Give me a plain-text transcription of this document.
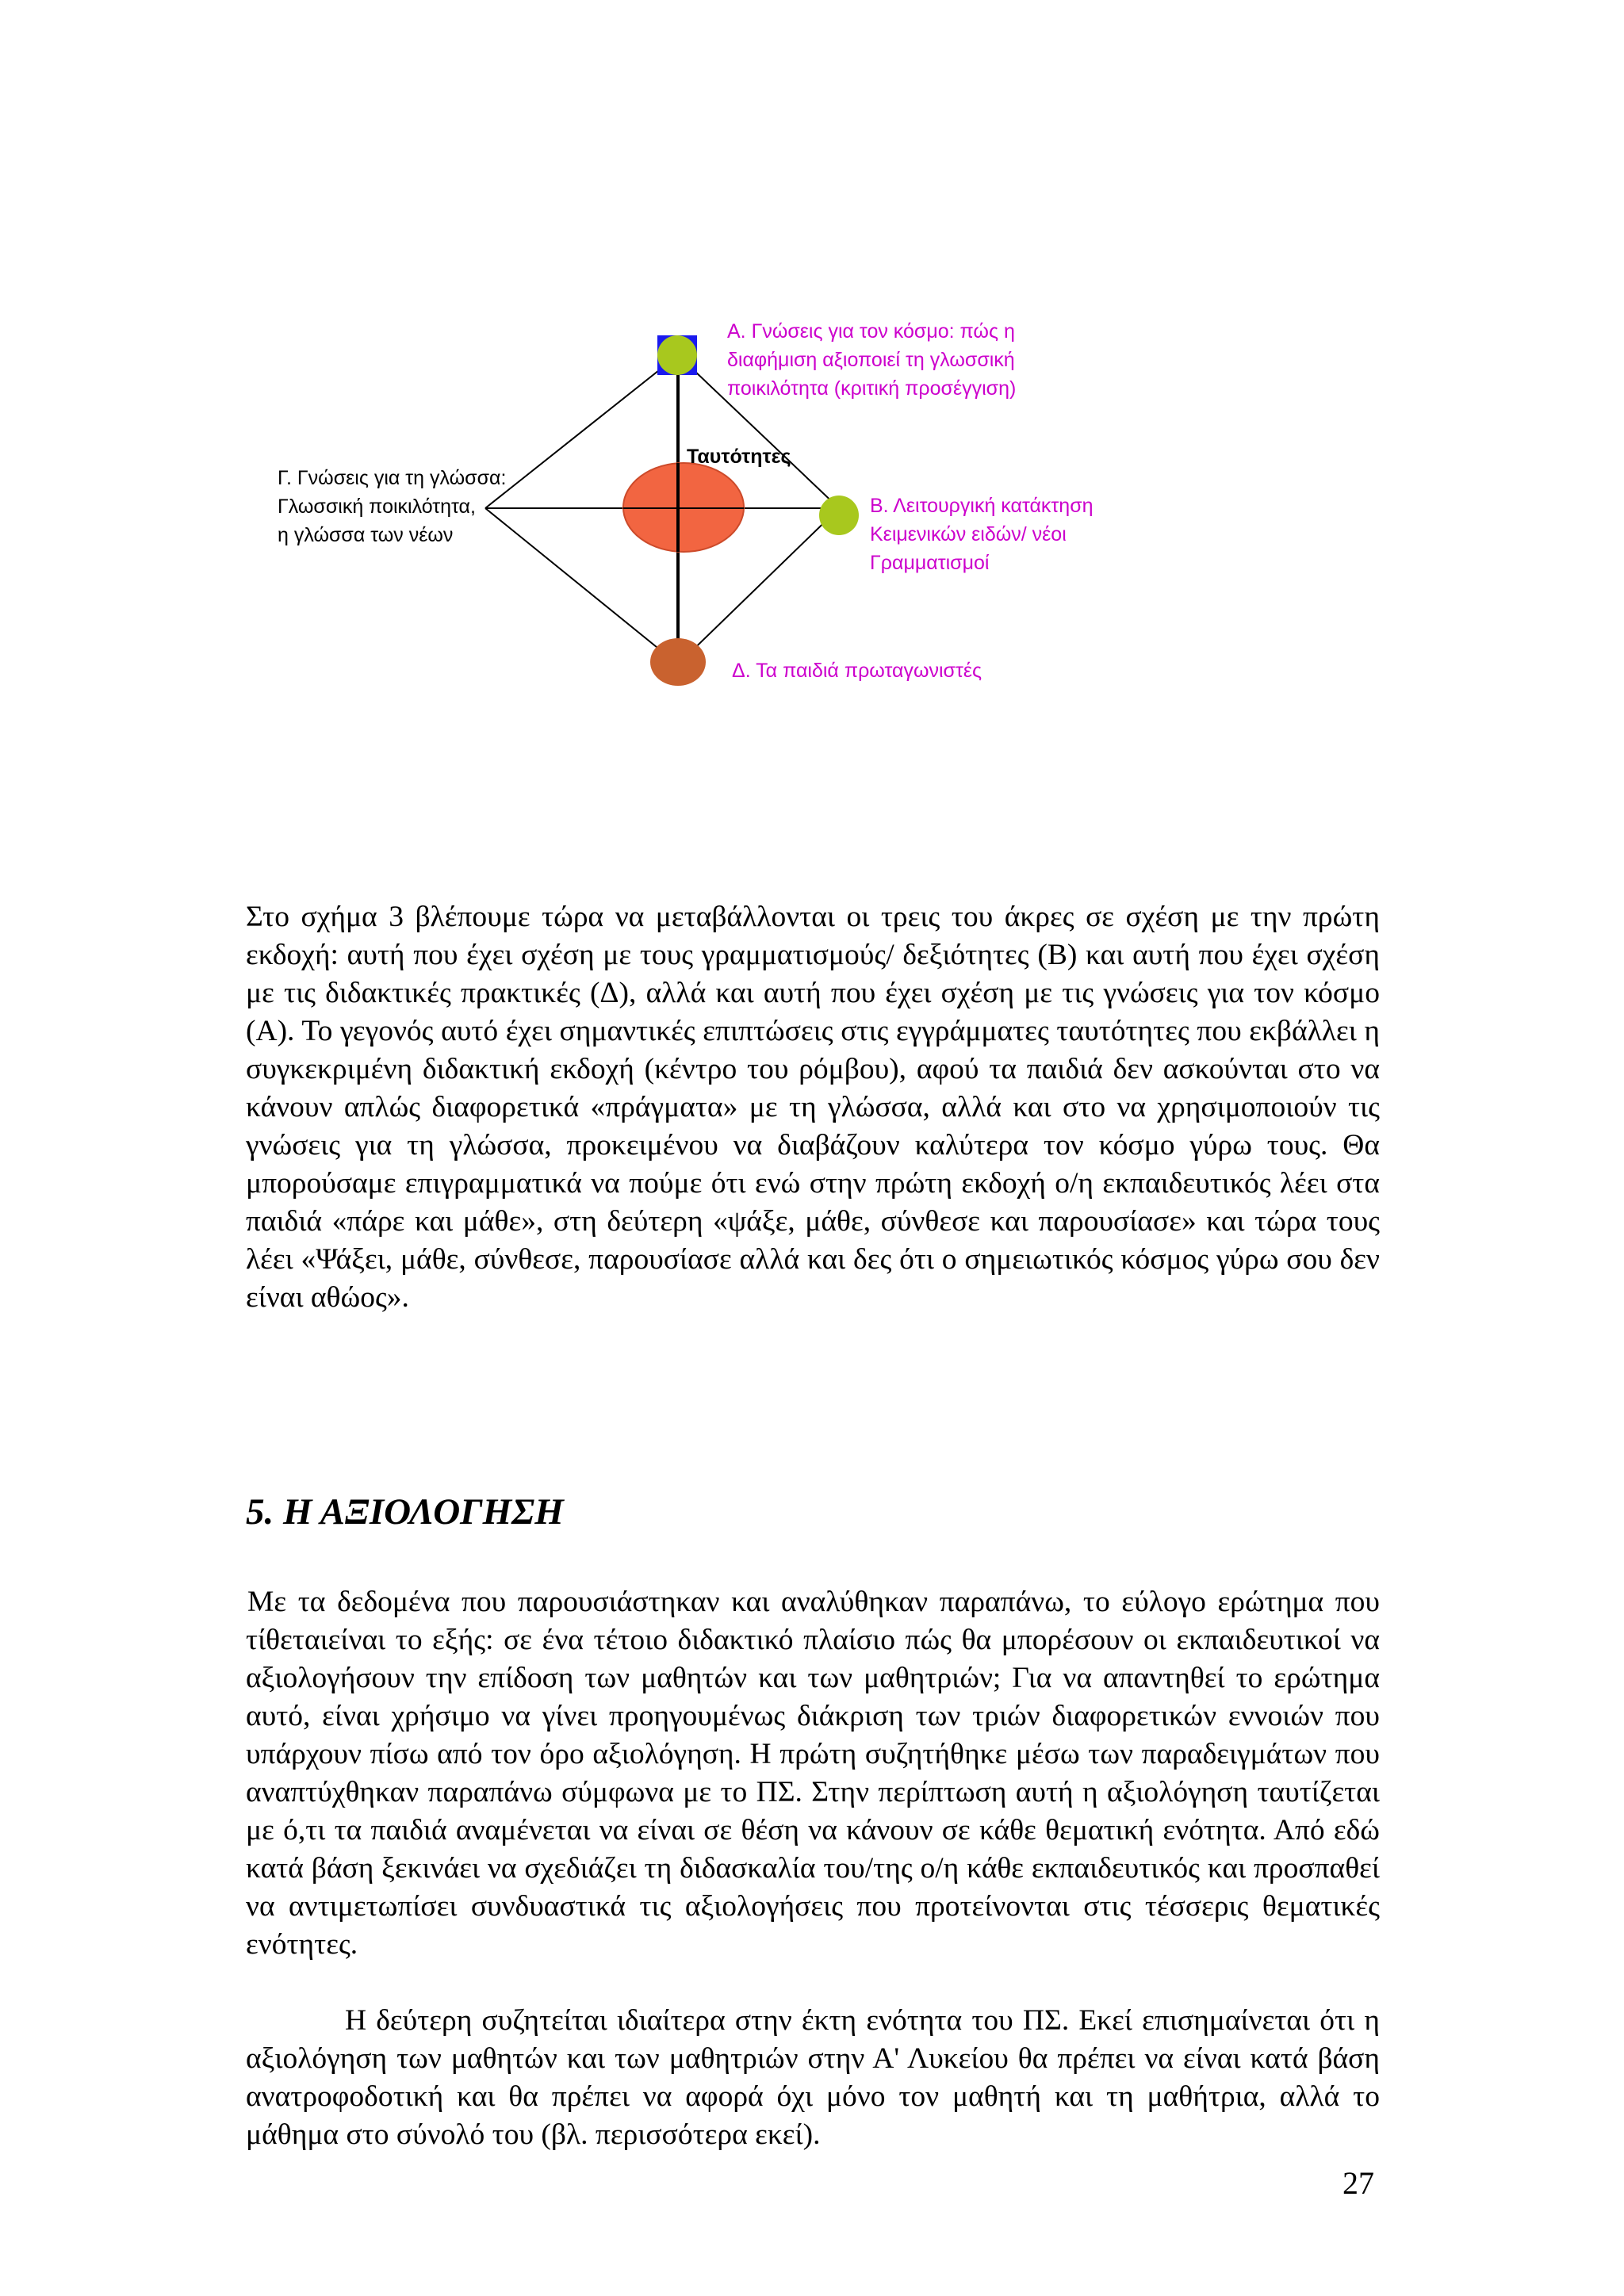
Α. Γνώσεις για τον κόσμο: πώς η
διαφήμιση αξιοποιεί τη γλωσσική
ποικιλότητα (κριτική προσέγγιση)
Ταυτότητες
Γ. Γνώσεις για τη γλώσσα:
Γλωσσική ποικιλότητα,
η γλώσσα των νέων
Β. Λειτουργική κατάκτηση
Κειμενικών ειδών/ νέοι
Γραμματισμοί
Δ. Τα παιδιά πρωταγωνιστές
Στο σχήμα 3 βλέπουμε τώρα να μεταβάλλονται οι τρεις του άκρες σε σχέση με την πρώτη εκδοχή: αυτή που έχει σχέση με τους γραμματισμούς/ δεξιότητες (Β) και αυτή που έχει σχέση με τις διδακτικές πρακτικές (Δ), αλλά και αυτή που έχει σχέση με τις γνώσεις για τον κόσμο (Α). Το γεγονός αυτό έχει σημαντικές επιπτώσεις στις εγγράμματες ταυτότητες που εκβάλλει η συγκεκριμένη διδακτική εκδοχή (κέντρο του ρόμβου), αφού τα παιδιά δεν ασκούνται στο να κάνουν απλώς διαφορετικά «πράγματα» με τη γλώσσα, αλλά και στο να χρησιμοποιούν τις γνώσεις για τη γλώσσα, προκειμένου να διαβάζουν καλύτερα τον κόσμο γύρω τους. Θα μπορούσαμε επιγραμματικά να πούμε ότι ενώ στην πρώτη εκδοχή ο/η εκπαιδευτικός λέει στα παιδιά «πάρε και μάθε», στη δεύτερη «ψάξε, μάθε, σύνθεσε και παρουσίασε» και τώρα τους λέει «Ψάξει, μάθε, σύνθεσε, παρουσίασε αλλά και δες ότι ο σημειωτικός κόσμος γύρω σου δεν είναι αθώος».
5. Η ΑΞΙΟΛΟΓΗΣΗ
Με τα δεδομένα που παρουσιάστηκαν και αναλύθηκαν παραπάνω, το εύλογο ερώτημα που τίθεταιείναι το εξής: σε ένα τέτοιο διδακτικό πλαίσιο πώς θα μπορέσουν οι εκπαιδευτικοί να αξιολογήσουν την επίδοση των μαθητών και των μαθητριών; Για να απαντηθεί το ερώτημα αυτό, είναι χρήσιμο να γίνει προηγουμένως διάκριση των τριών διαφορετικών εννοιών που υπάρχουν πίσω από τον όρο αξιολόγηση. Η πρώτη συζητήθηκε μέσω των παραδειγμάτων που αναπτύχθηκαν παραπάνω σύμφωνα με το ΠΣ. Στην περίπτωση αυτή η αξιολόγηση ταυτίζεται με ό,τι τα παιδιά αναμένεται να είναι σε θέση να κάνουν σε κάθε θεματική ενότητα. Από εδώ κατά βάση ξεκινάει να σχεδιάζει τη διδασκαλία του/της ο/η κάθε εκπαιδευτικός και προσπαθεί να αντιμετωπίσει συνδυαστικά τις αξιολογήσεις που προτείνονται στις τέσσερις θεματικές ενότητες.
Η δεύτερη συζητείται ιδιαίτερα στην έκτη ενότητα του ΠΣ. Εκεί επισημαίνεται ότι η αξιολόγηση των μαθητών και των μαθητριών στην Α' Λυκείου θα πρέπει να είναι κατά βάση ανατροφοδοτική και θα πρέπει να αφορά όχι μόνο τον μαθητή και τη μαθήτρια, αλλά το μάθημα στο σύνολό του (βλ. περισσότερα εκεί).
27
